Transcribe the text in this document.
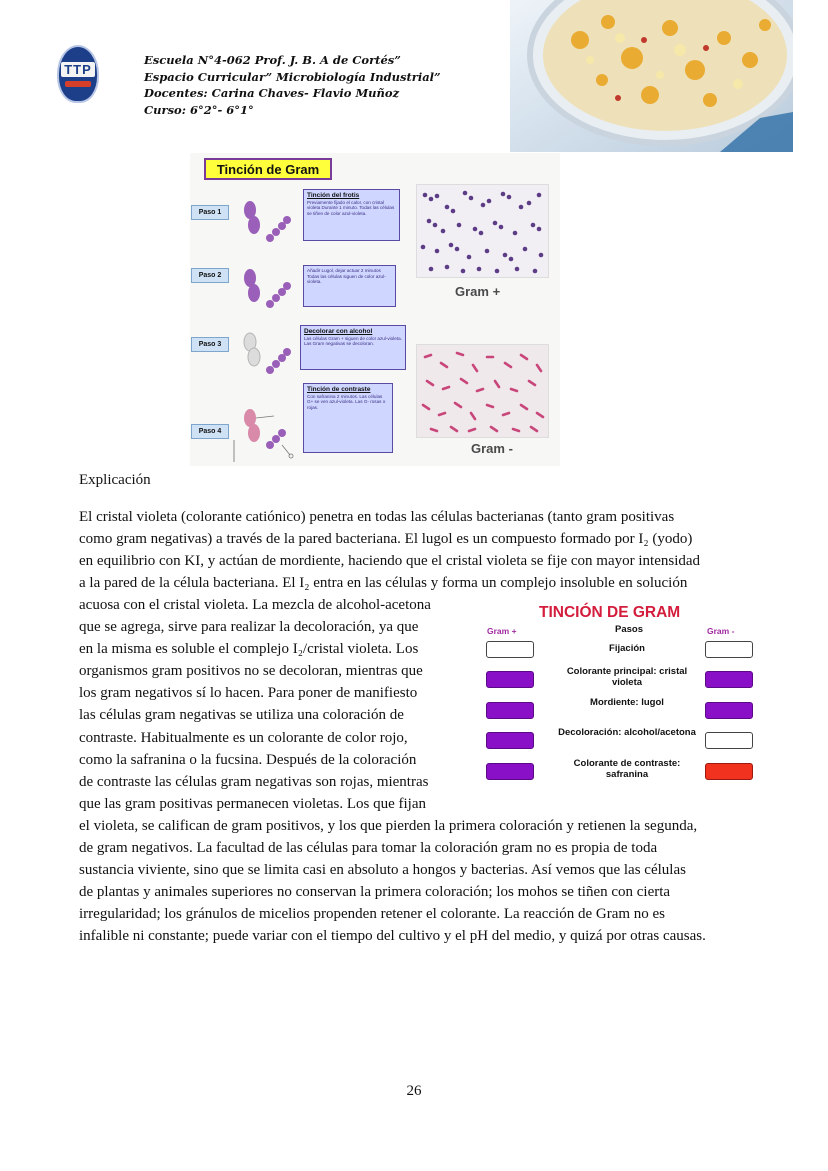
TTP
Escuela N°4-062 Prof. J. B. A de Cortés”
Espacio Curricular” Microbiología Industrial”
Docentes: Carina Chaves- Flavio Muñoz
Curso: 6°2°- 6°1°
Tinción de Gram
Paso 1
Paso 2
Paso 3
Paso 4
Tinción del frotis
Previamente fijado el calor, con cristal violeta Durante 1 minuto. Todas las células se tiñen de color azul-violeta.
Añadir Lugol, dejar actuar 2 minutos Todas las células siguen de color azul-violeta.
Decolorar con alcohol
Las células Gram + siguen de color azul-violeta. Las Gram negativas se decoloran.
Tinción de contraste
Con safranina 2 minutos. Las células G+ se ven azul-violeta. Las G- rosas o rojas.
Gram +
Gram -
Explicación
El cristal violeta (colorante catiónico) penetra en todas las células bacterianas (tanto gram positivas
como gram negativas) a través de la pared bacteriana. El lugol es un compuesto formado por I₂ (yodo)
en equilibrio con KI, y actúan de mordiente, haciendo que el cristal violeta se fije con mayor intensidad
a la pared de la célula bacteriana. El I₂ entra en las células y forma un complejo insoluble en solución
acuosa con el cristal violeta. La mezcla de alcohol-acetona
que se agrega, sirve para realizar la decoloración, ya que
en la misma es soluble el complejo I₂/cristal violeta. Los
organismos gram positivos no se decoloran, mientras que
los gram negativos sí lo hacen. Para poner de manifiesto
las células gram negativas se utiliza una coloración de
contraste. Habitualmente es un colorante de color rojo,
como la safranina o la fucsina. Después de la coloración
de contraste las células gram negativas son rojas, mientras
que las gram positivas permanecen violetas. Los que fijan
el violeta, se califican de gram positivos, y los que pierden la primera coloración y retienen la segunda,
de gram negativos. La facultad de las células para tomar la coloración gram no es propia de toda
sustancia viviente, sino que se limita casi en absoluto a hongos y bacterias. Así vemos que las células
de plantas y animales superiores no conservan la primera coloración; los mohos se tiñen con cierta
irregularidad; los gránulos de micelios propenden retener el colorante. La reacción de Gram no es
infalible ni constante; puede variar con el tiempo del cultivo y el pH del medio, y quizá por otras causas.
TINCIÓN DE GRAM
Gram +	Pasos	Gram -
Fijación
Colorante principal: cristal violeta
Mordiente: lugol
Decoloración: alcohol/acetona
Colorante de contraste: safranina
26
